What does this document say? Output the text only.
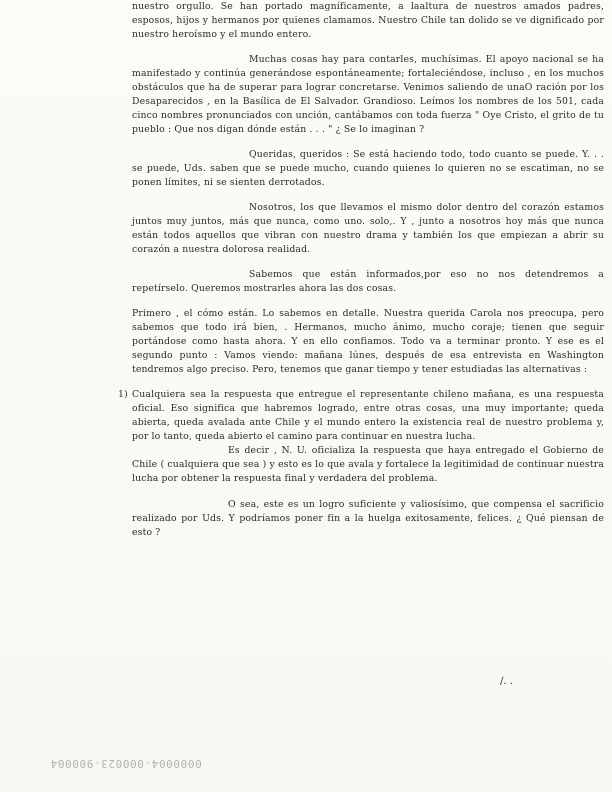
nuestro orgullo. Se han portado magníficamente, a laaltura de nuestros amados padres, esposos, hijos y hermanos por quienes clamamos. Nuestro Chile tan dolido se ve dignificado por nuestro heroísmo y el mundo entero.

Muchas cosas hay para contarles, muchísimas. El apoyo nacional se ha manifestado y continúa generándose espontáneamente; fortaleciéndose, incluso , en los muchos obstáculos que ha de superar para lograr concretarse. Venimos saliendo de unaO ración por los Desaparecidos , en la Basílica de El Salvador. Grandioso. Leímos los nombres de los 501, cada cinco nombres pronunciados con unción, cantábamos con toda fuerza " Oye Cristo, el grito de tu pueblo : Que nos digan dónde están . . . " ¿ Se lo imaginan ?

Queridas, queridos : Se está haciendo todo, todo cuanto se puede. Y. . . se puede, Uds. saben que se puede mucho, cuando quienes lo quieren no se escatiman, no se ponen límites, ni se sienten derrotados.

Nosotros, los que llevamos el mismo dolor dentro del corazón estamos juntos muy juntos, más que nunca, como uno. solo,. Y , junto a nosotros hoy más que nunca están todos aquellos que vibran con nuestro drama y también los que empiezan a abrir su corazón a nuestra dolorosa realidad.

Sabemos que están informados,por eso no nos detendremos a repetírselo. Queremos mostrarles ahora las dos cosas.

Primero , el cómo están. Lo sabemos en detalle. Nuestra querida Carola nos preocupa, pero sabemos que todo irá bien, . Hermanos, mucho ánimo, mucho coraje; tienen que seguir portándose como hasta ahora. Y en ello confiamos. Todo va a terminar pronto. Y ese es el segundo punto : Vamos viendo: mañana lúnes, después de esa entrevista en Washington tendremos algo preciso. Pero, tenemos que ganar tiempo y tener estudiadas las alternativas :

1) Cualquiera sea la respuesta que entregue el representante chileno mañana, es una respuesta oficial. Eso significa que habremos logrado, entre otras cosas, una muy importante; queda abierta, queda avalada ante Chile y el mundo entero la existencia real de nuestro problema y, por lo tanto, queda abierto el camino para continuar en nuestra lucha.

Es decir , N. U. oficializa la respuesta que haya entregado el Gobierno de Chile ( cualquiera que sea ) y esto es lo que avala y fortalece la legitimidad de continuar nuestra lucha por obtener la respuesta final y verdadera del problema.

O sea, este es un logro suficiente y valiosísimo, que compensa el sacrificio realizado por Uds. Y podríamos poner fin a la huelga exitosamente, felices. ¿ Qué piensan de esto ?

/. .
0000004-000023-900004
